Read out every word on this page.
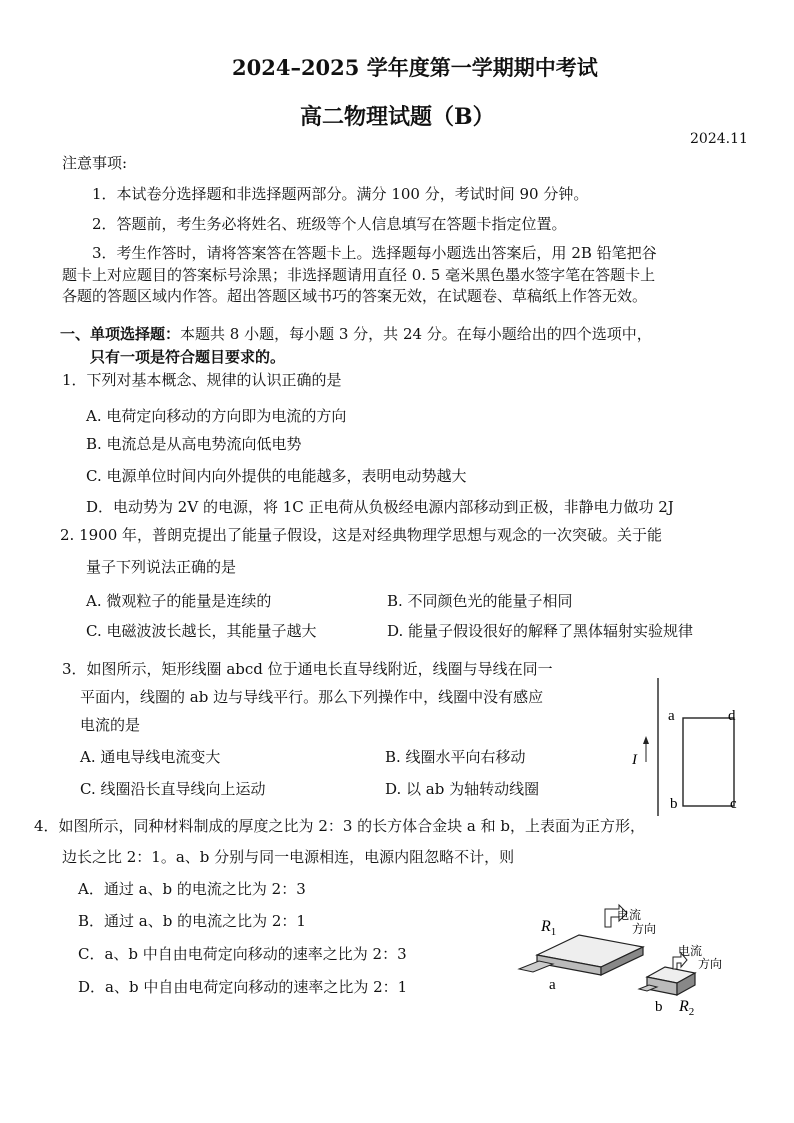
2024–2025 学年度第一学期期中考试
高二物理试题（B）
2024.11
注意事项:
1．本试卷分选择题和非选择题两部分。满分 100 分，考试时间 90 分钟。
2．答题前，考生务必将姓名、班级等个人信息填写在答题卡指定位置。
3．考生作答时，请将答案答在答题卡上。选择题每小题选出答案后，用 2B 铅笔把谷
题卡上对应题目的答案标号涂黑；非选择题请用直径 0. 5 毫米黑色墨水签字笔在答题卡上
各题的答题区域内作答。超出答题区域书巧的答案无效，在试题卷、草稿纸上作答无效。
一、单项选择题：本题共 8 小题，每小题 3 分，共 24 分。在每小题给出的四个选项中，
只有一项是符合题目要求的。
1．下列对基本概念、规律的认识正确的是
A. 电荷定向移动的方向即为电流的方向
B. 电流总是从高电势流向低电势
C. 电源单位时间内向外提供的电能越多，表明电动势越大
D．电动势为 2V 的电源，将 1C 正电荷从负极经电源内部移动到正极，非静电力做功 2J
2. 1900 年，普朗克提出了能量子假设，这是对经典物理学思想与观念的一次突破。关于能
量子下列说法正确的是
A. 微观粒子的能量是连续的	B. 不同颜色光的能量子相同
C. 电磁波波长越长，其能量子越大	D. 能量子假设很好的解释了黑体辐射实验规律
3．如图所示，矩形线圈 abcd 位于通电长直导线附近，线圈与导线在同一
平面内，线圈的 ab 边与导线平行。那么下列操作中，线圈中没有感应
电流的是
A. 通电导线电流变大	B. 线圈水平向右移动
C. 线圈沿长直导线向上运动	D. 以 ab 为轴转动线圈
I
a	d
b	c
4．如图所示，同种材料制成的厚度之比为 2：3 的长方体合金块 a 和 b，上表面为正方形，
边长之比 2：1。a、b 分别与同一电源相连，电源内阻忽略不计，则
A．通过 a、b 的电流之比为 2：3
B．通过 a、b 的电流之比为 2：1
C．a、b 中自由电荷定向移动的速率之比为 2：3
D．a、b 中自由电荷定向移动的速率之比为 2：1
$R_1$
a
电流
方向
$R_2$
b
电流
方向
